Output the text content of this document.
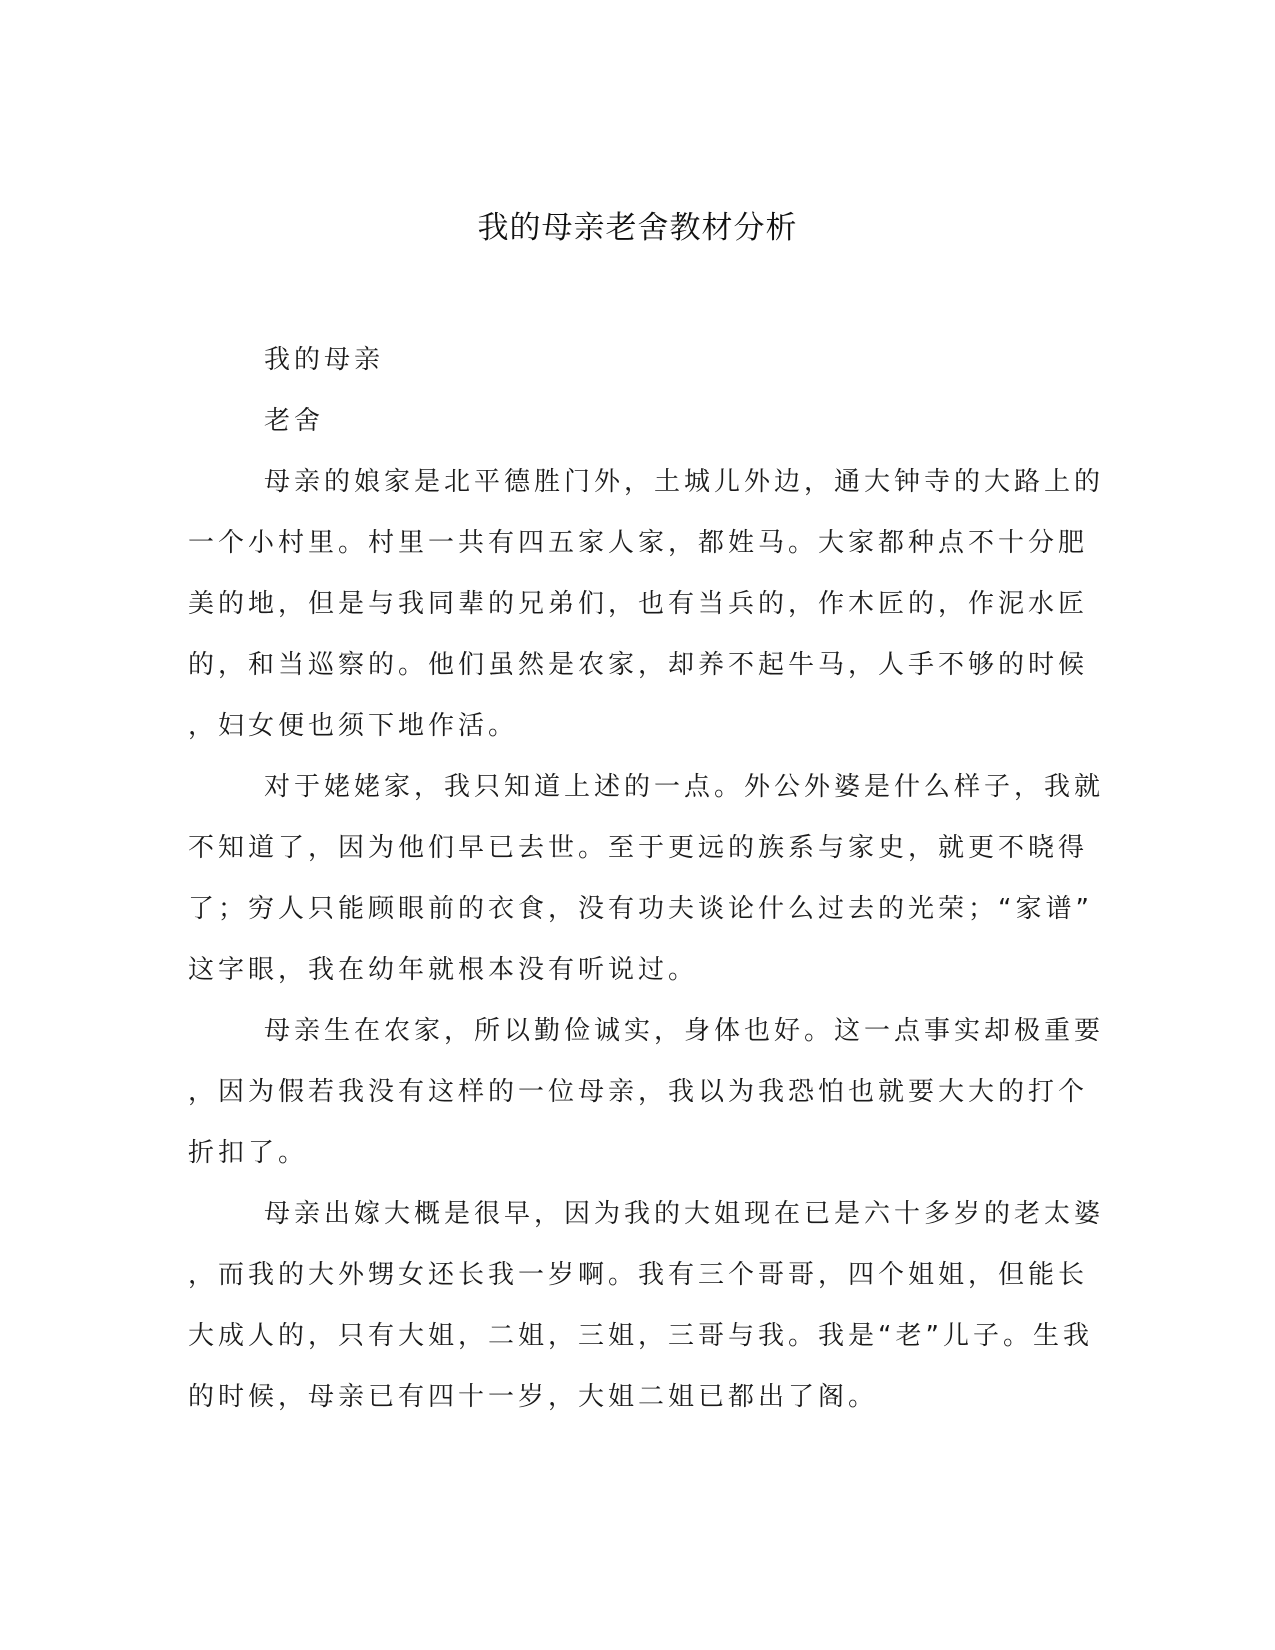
我的母亲老舍教材分析
我的母亲
老舍
母亲的娘家是北平德胜门外，土城儿外边，通大钟寺的大路上的
一个小村里。村里一共有四五家人家，都姓马。大家都种点不十分肥
美的地，但是与我同辈的兄弟们，也有当兵的，作木匠的，作泥水匠
的，和当巡察的。他们虽然是农家，却养不起牛马，人手不够的时候
，妇女便也须下地作活。
对于姥姥家，我只知道上述的一点。外公外婆是什么样子，我就
不知道了，因为他们早已去世。至于更远的族系与家史，就更不晓得
了；穷人只能顾眼前的衣食，没有功夫谈论什么过去的光荣；“家谱”
这字眼，我在幼年就根本没有听说过。
母亲生在农家，所以勤俭诚实，身体也好。这一点事实却极重要
，因为假若我没有这样的一位母亲，我以为我恐怕也就要大大的打个
折扣了。
母亲出嫁大概是很早，因为我的大姐现在已是六十多岁的老太婆
，而我的大外甥女还长我一岁啊。我有三个哥哥，四个姐姐，但能长
大成人的，只有大姐，二姐，三姐，三哥与我。我是“老”儿子。生我
的时候，母亲已有四十一岁，大姐二姐已都出了阁。
